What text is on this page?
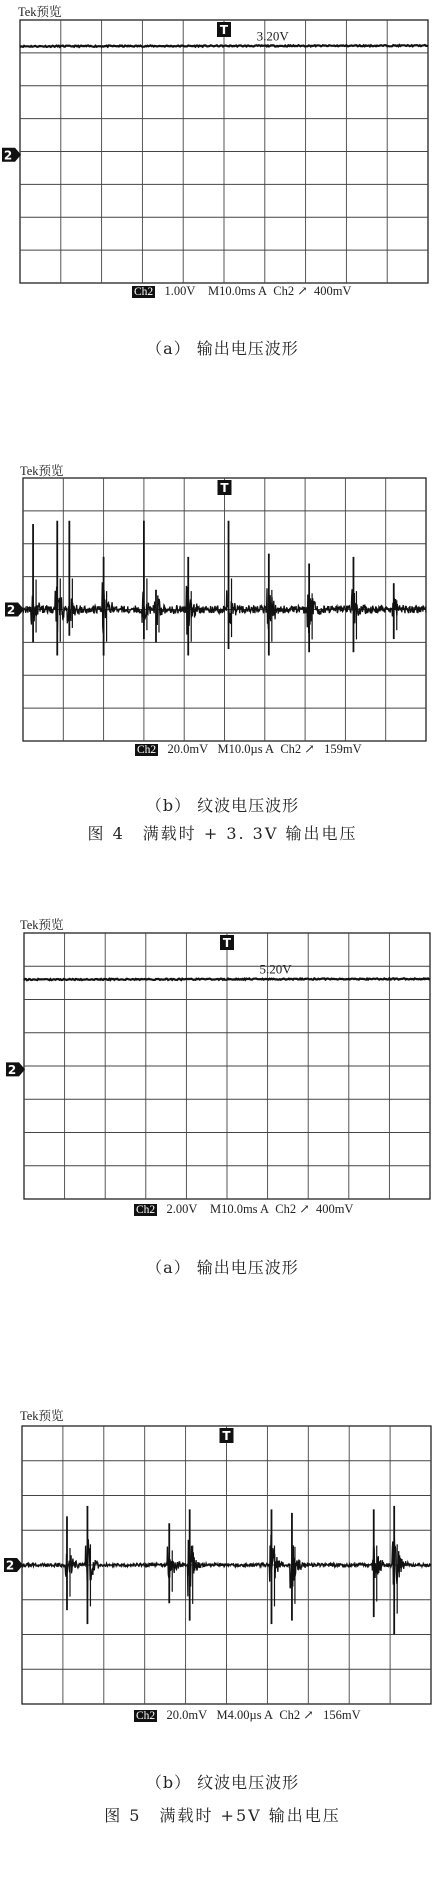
Tek预览
T
2
3.20V
Ch2 1.00V M10.0ms A Ch2 ↗ 400mV
（a） 输出电压波形
Tek预览
T
2
Ch2 20.0mV M10.0µs A Ch2 ↗ 159mV
（b） 纹波电压波形
图 4　满载时 + 3. 3V 输出电压
Tek预览
T
2
5.20V
Ch2 2.00V M10.0ms A Ch2 ↗ 400mV
（a） 输出电压波形
Tek预览
T
2
Ch2 20.0mV M4.00µs A Ch2 ↗ 156mV
（b） 纹波电压波形
图 5　满载时 +5V 输出电压
